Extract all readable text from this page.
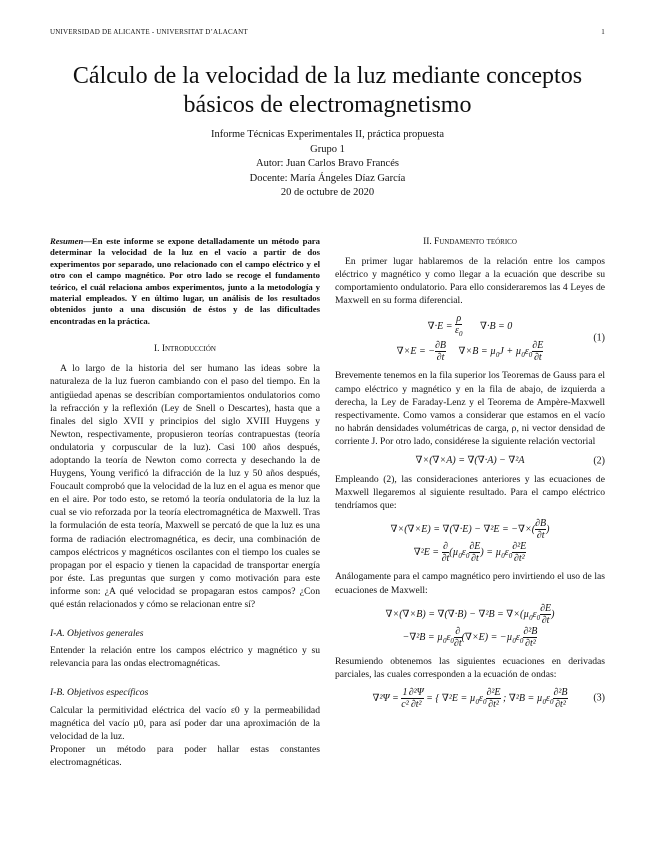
UNIVERSIDAD DE ALICANTE - UNIVERSITAT D’ALACANT	1
Cálculo de la velocidad de la luz mediante conceptos básicos de electromagnetismo
Informe Técnicas Experimentales II, práctica propuesta
Grupo 1
Autor: Juan Carlos Bravo Francés
Docente: María Ángeles Díaz García
20 de octubre de 2020
Resumen—En este informe se expone detalladamente un método para determinar la velocidad de la luz en el vacío a partir de dos experimentos por separado, uno relacionado con el campo eléctrico y el otro con el campo magnético. Por otro lado se recoge el fundamento teórico, el cuál relaciona ambos experimentos, junto a la metodología y material empleados. Y en último lugar, un análisis de los resultados obtenidos junto a una discusión de éstos y de las dificultades encontradas en la práctica.
I. Introducción

A lo largo de la historia del ser humano las ideas sobre la naturaleza de la luz fueron cambiando con el paso del tiempo. En la antigüedad apenas se describían comportamientos ondulatorios como la refracción y la reflexión (Ley de Snell o Descartes), hasta que a finales del siglo XVII y principios del siglo XVIII Huygens y Newton, respectivamente, propusieron teorías contrapuestas (teoría ondulatoria y corpuscular de la luz). Casi 100 años después, adoptando la teoría de Newton como correcta y desechando la de Huygens, Young verificó la difracción de la luz y 50 años después, Foucault comprobó que la velocidad de la luz en el agua es menor que en el aire. Por todo esto, se retomó la teoría ondulatoria de la luz la cual se vio reforzada por la teoría electromagnética de Maxwell. Tras la formulación de esta teoría, Maxwell se percató de que la luz es una forma de radiación electromagnética, es decir, una combinación de campos eléctricos y magnéticos oscilantes con el tiempo los cuales se propagan por el espacio y tienen la capacidad de transportar energía por éste. Las preguntas que surgen y como motivación para este informe son: ¿A qué velocidad se propagaran estos campos? ¿Con qué están relacionados y cómo se relacionan entre sí?

I-A. Objetivos generales

Entender la relación entre los campos eléctrico y magnético y su relevancia para las ondas electromagnéticas.

I-B. Objetivos específicos

Calcular la permitividad eléctrica del vacío ε0 y la permeabilidad magnética del vacío µ0, para así poder dar una aproximación de la velocidad de la luz.

Proponer un método para poder hallar estas constantes electromagnéticas.

II. Fundamento teórico

En primer lugar hablaremos de la relación entre los campos eléctrico y magnético y como llegar a la ecuación que describe su comportamiento ondulatorio. Para ello consideraremos las 4 Leyes de Maxwell en su forma diferencial.

$\nabla\cdot E = \frac{\rho}{\varepsilon_0} \nabla\cdot B = 0$
∇×E = − $\frac{\partial B}{\partial t} \nabla\times B = \mu_0J + \mu_0\varepsilon_0 \frac{\partial E}{\partial t}$
(1)

Brevemente tenemos en la fila superior los Teoremas de Gauss para el campo eléctrico y magnético y en la fila de abajo, de izquierda a derecha, la Ley de Faraday-Lenz y el Teorema de Ampère-Maxwell respectivamente. Como vamos a considerar que estamos en el vacío no habrán densidades volumétricas de carga, ρ, ni vector densidad de corriente J. Por otro lado, considérese la siguiente relación vectorial

∇×(∇×A) = ∇(∇·A) − ∇²A	(2)

Empleando (2), las consideraciones anteriores y las ecuaciones de Maxwell llegaremos al siguiente resultado. Para el campo eléctrico tendríamos que:

∇×(∇×E) = ∇(∇·E) − ∇²E = −∇×( $\frac{\partial B}{\partial t}$ )
$\nabla^2E = \frac{\partial}{\partial t} (\mu_0\varepsilon_0 \frac{\partial E}{\partial t}$ ) = $\mu_0\varepsilon_0 \frac{\text{∂²E}}{\text{∂t²}}$

Análogamente para el campo magnético pero invirtiendo el uso de las ecuaciones de Maxwell:

$\nabla\times(\nabla\times B) = \nabla(\nabla\cdot B) - \nabla^2B = \nabla\times(\mu_0\varepsilon_0 \frac{\partial E}{\partial t}$ )
$-\nabla^2B = \mu_0\varepsilon_0 \frac{\partial}{\partial t} (\nabla\times E) = -\mu_0\varepsilon_0 \frac{\text{∂²B}}{\text{∂t²}}$

Resumiendo obtenemos las siguientes ecuaciones en derivadas parciales, las cuales corresponden a la ecuación de ondas:

$\nabla^2\Psi = \frac{1}{\text{c²}} \frac{\text{∂²Ψ}}{\text{∂t²}}$ = { $\nabla^2E = \mu_0\varepsilon_0 \frac{\text{∂²E}}{\text{∂t²}}$ ; $\nabla^2B = \mu_0\varepsilon_0 \frac{\text{∂²B}}{\text{∂t²}}$	(3)
